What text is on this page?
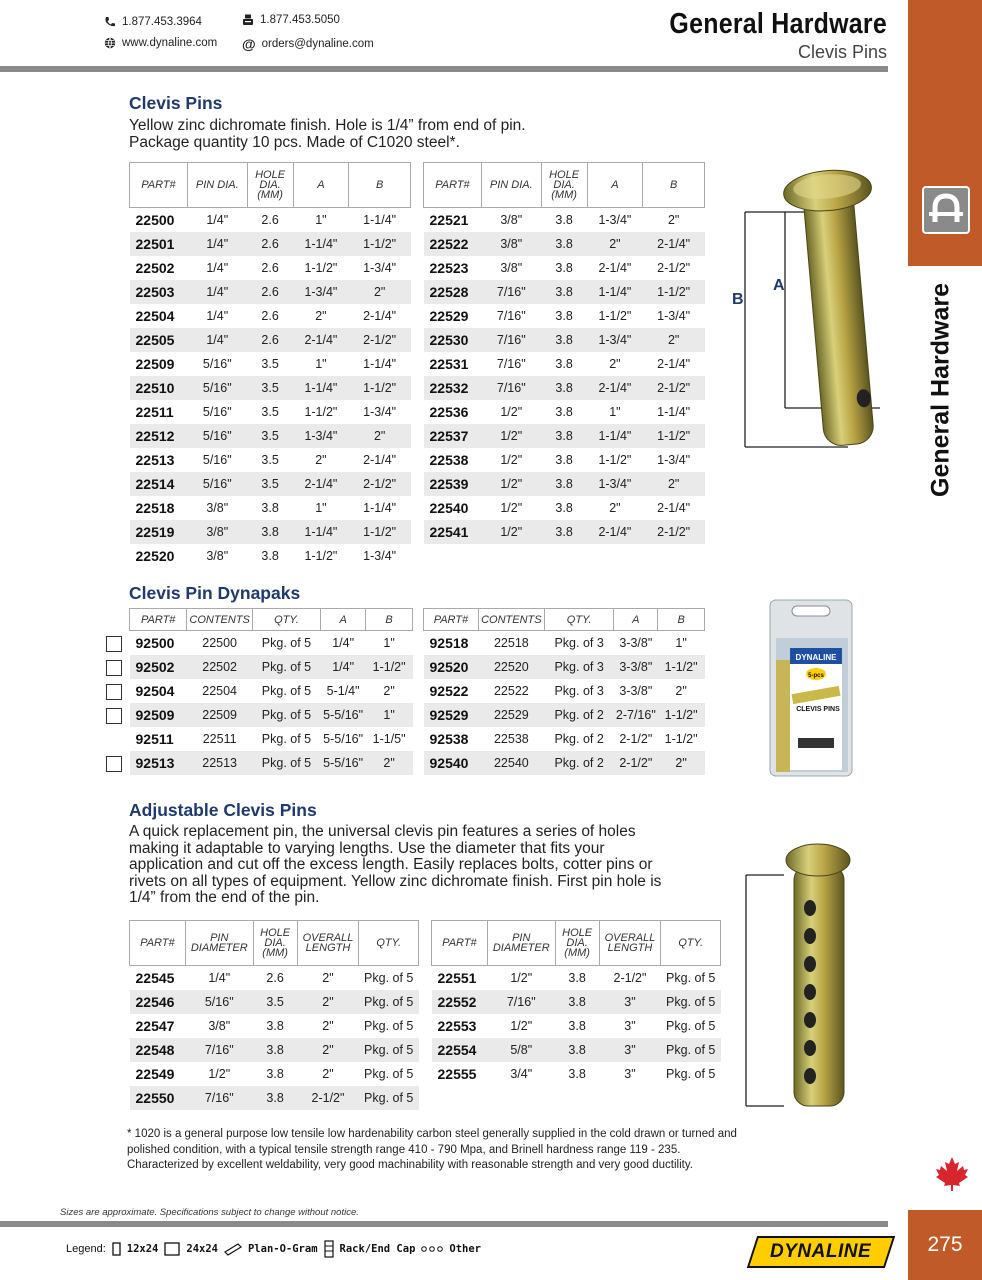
1.877.453.3964	1.877.453.5050
www.dynaline.com @ orders@dynaline.com
General Hardware
Clevis Pins
General Hardware
275
Clevis Pins
Yellow zinc dichromate finish. Hole is 1/4” from end of pin.
Package quantity 10 pcs. Made of C1020 steel*.
PART#	PIN DIA.	HOLE DIA. (MM)	A	B
22500	1/4"	2.6	1"	1-1/4"
22501	1/4"	2.6	1-1/4"	1-1/2"
22502	1/4"	2.6	1-1/2"	1-3/4"
22503	1/4"	2.6	1-3/4"	2"
22504	1/4"	2.6	2"	2-1/4"
22505	1/4"	2.6	2-1/4"	2-1/2"
22509	5/16"	3.5	1"	1-1/4"
22510	5/16"	3.5	1-1/4"	1-1/2"
22511	5/16"	3.5	1-1/2"	1-3/4"
22512	5/16"	3.5	1-3/4"	2"
22513	5/16"	3.5	2"	2-1/4"
22514	5/16"	3.5	2-1/4"	2-1/2"
22518	3/8"	3.8	1"	1-1/4"
22519	3/8"	3.8	1-1/4"	1-1/2"
22520	3/8"	3.8	1-1/2"	1-3/4"
PART#	PIN DIA.	HOLE DIA. (MM)	A	B
22521	3/8"	3.8	1-3/4"	2"
22522	3/8"	3.8	2"	2-1/4"
22523	3/8"	3.8	2-1/4"	2-1/2"
22528	7/16"	3.8	1-1/4"	1-1/2"
22529	7/16"	3.8	1-1/2"	1-3/4"
22530	7/16"	3.8	1-3/4"	2"
22531	7/16"	3.8	2"	2-1/4"
22532	7/16"	3.8	2-1/4"	2-1/2"
22536	1/2"	3.8	1"	1-1/4"
22537	1/2"	3.8	1-1/4"	1-1/2"
22538	1/2"	3.8	1-1/2"	1-3/4"
22539	1/2"	3.8	1-3/4"	2"
22540	1/2"	3.8	2"	2-1/4"
22541	1/2"	3.8	2-1/4"	2-1/2"
A
B
Clevis Pin Dynapaks
PART#	CONTENTS	QTY.	A	B
92500	22500	Pkg. of 5	1/4"	1"
92502	22502	Pkg. of 5	1/4"	1-1/2"
92504	22504	Pkg. of 5	5-1/4"	2"
92509	22509	Pkg. of 5	5-5/16"	1"
92511	22511	Pkg. of 5	5-5/16"	1-1/5"
92513	22513	Pkg. of 5	5-5/16"	2"
PART#	CONTENTS	QTY.	A	B
92518	22518	Pkg. of 3	3-3/8"	1"
92520	22520	Pkg. of 3	3-3/8"	1-1/2"
92522	22522	Pkg. of 3	3-3/8"	2"
92529	22529	Pkg. of 2	2-7/16"	1-1/2"
92538	22538	Pkg. of 2	2-1/2"	1-1/2"
92540	22540	Pkg. of 2	2-1/2"	2"
DYNALINE
5-pcs
CLEVIS PINS
Adjustable Clevis Pins
A quick replacement pin, the universal clevis pin features a series of holes
making it adaptable to varying lengths. Use the diameter that fits your
application and cut off the excess length. Easily replaces bolts, cotter pins or
rivets on all types of equipment. Yellow zinc dichromate finish. First pin hole is
1/4” from the end of the pin.
PART#	PIN DIAMETER	HOLE DIA. (MM)	OVERALL LENGTH	QTY.
22545	1/4"	2.6	2"	Pkg. of 5
22546	5/16"	3.5	2"	Pkg. of 5
22547	3/8"	3.8	2"	Pkg. of 5
22548	7/16"	3.8	2"	Pkg. of 5
22549	1/2"	3.8	2"	Pkg. of 5
22550	7/16"	3.8	2-1/2"	Pkg. of 5
PART#	PIN DIAMETER	HOLE DIA. (MM)	OVERALL LENGTH	QTY.
22551	1/2"	3.8	2-1/2"	Pkg. of 5
22552	7/16"	3.8	3"	Pkg. of 5
22553	1/2"	3.8	3"	Pkg. of 5
22554	5/8"	3.8	3"	Pkg. of 5
22555	3/4"	3.8	3"	Pkg. of 5
* 1020 is a general purpose low tensile low hardenability carbon steel generally supplied in the cold drawn or turned and
polished condition, with a typical tensile strength range 410 - 790 Mpa, and Brinell hardness range 119 - 235.
Characterized by excellent weldability, very good machinability with reasonable strength and very good ductility.
Sizes are approximate. Specifications subject to change without notice.
Legend: 12x24	24x24	Plan-O-Gram Rack/End Cap	Other	DYNALINE
